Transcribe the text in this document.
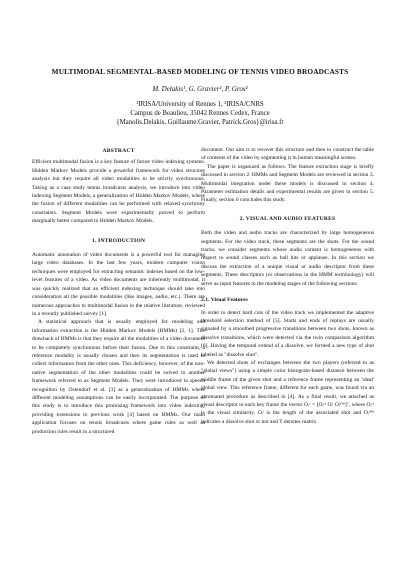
MULTIMODAL SEGMENTAL-BASED MODELING OF TENNIS VIDEO BROADCASTS
M. Delakis¹, G. Gravier², P. Gros²
¹IRISA/University of Rennes 1, ²IRISA/CNRS
Campus de Beaulieu, 35042 Rennes Cedex, France
{Manolis.Delakis, Guillaume.Gravier, Patrick.Gros}@irisa.fr
ABSTRACT

Efficient multimodal fusion is a key feature of future video indexing systems. Hidden Markov Models provide a powerful framework for video structure analysis but they require all video modalities to be strictly synchronous. Taking as a case study tennis broadcasts analysis, we introduce into video indexing Segment Models, a generalization of Hidden Markov Models, where the fusion of different modalities can be performed with relaxed synchrony constraints. Segment Models were experimentally proved to perform marginally better compared to Hidden Markov Models.

1. INTRODUCTION

Automatic annotation of video documents is a powerful tool for managing large video databases. In the last few years, modern computer vision techniques were employed for extracting semantic indexes based on the low-level features of a video. As video documents are inherently multimodal, it was quickly realized that an efficient indexing technique should take into consideration all the possible modalities (like images, audio, etc.). There are numerous approaches to multimodal fusion in the relative literature, reviewed in a recently published survey [1].

A statistical approach that is usually employed for modeling and information extraction is the Hidden Markov Models (HMMs) [2, 1]. The drawback of HMMs is that they require all the modalities of a video document to be completely synchronous before their fusion. Due to this constraint, a reference modality is usually chosen and then its segmentation is used to collect information from the other ones. This deficiency, however, of the non-native segmentation of the other modalities could be solved in another framework referred to as Segment Models. They were introduced in speech recognition by Ostendorf et al. [3] as a generalization of HMMs where different modeling assumptions can be easily incorporated. The purpose of this study is to introduce this promising framework into video indexing, providing extensions to previous work [4] based on HMMs. Our main application focuses on tennis broadcasts where game rules as well as production rules result in a structured

document. Our aim is to recover this structure and then to construct the table of contents of the video by segmenting it in human meaningful scenes.

The paper is organized as follows. The feature extraction stage is briefly discussed in section 2. HMMs and Segment Models are reviewed in section 3. Multimodal integration under these models is discussed in section 4. Parameter estimation details and experimental results are given in section 5. Finally, section 6 concludes this study.

2. VISUAL AND AUDIO FEATURES

Both the video and audio tracks are characterized by large homogeneous segments. For the video track, these segments are the shots. For the sound tracks, we consider segments whose audio content is homogeneous with respect to sound classes such as ball hits or applause. In this section we discuss the extraction of a unique visual or audio descriptor from these segments. These descriptors (or observations in the HMM terminology) will serve as input features to the modeling stages of the following sections.

2.1. Visual Features

In order to detect hard cuts of the video track we implemented the adaptive threshold selection method of [5]. Starts and ends of replays are usually signaled by a smoothed progressive transitions between two shots, known as dissolve transitions, which were detected via the twin comparison algorithm [6]. Having the temporal extend of a dissolve, we formed a new type of shot labeled as "dissolve shot".

We detected shots of exchanges between the two players (referred to as "global views") using a simple color histogram-based distance between the middle frame of the given shot and a reference frame representing an 'ideal' global view. This reference frame, different for each game, was found via an automated procedure as described in [4]. As a final result, we attached as visual descriptor to each key frame the vector Oᵢᵛ = [Oᵢᶜˢ Oᵢˡ Oᵢᵈⁱˢˢ]ᵀ, where Oᵢᶜˢ is the visual similarity, Oᵢˡ is the length of the associated shot and Oᵢᵈⁱˢˢ indicates a dissolve shot or not and T denotes matrix
